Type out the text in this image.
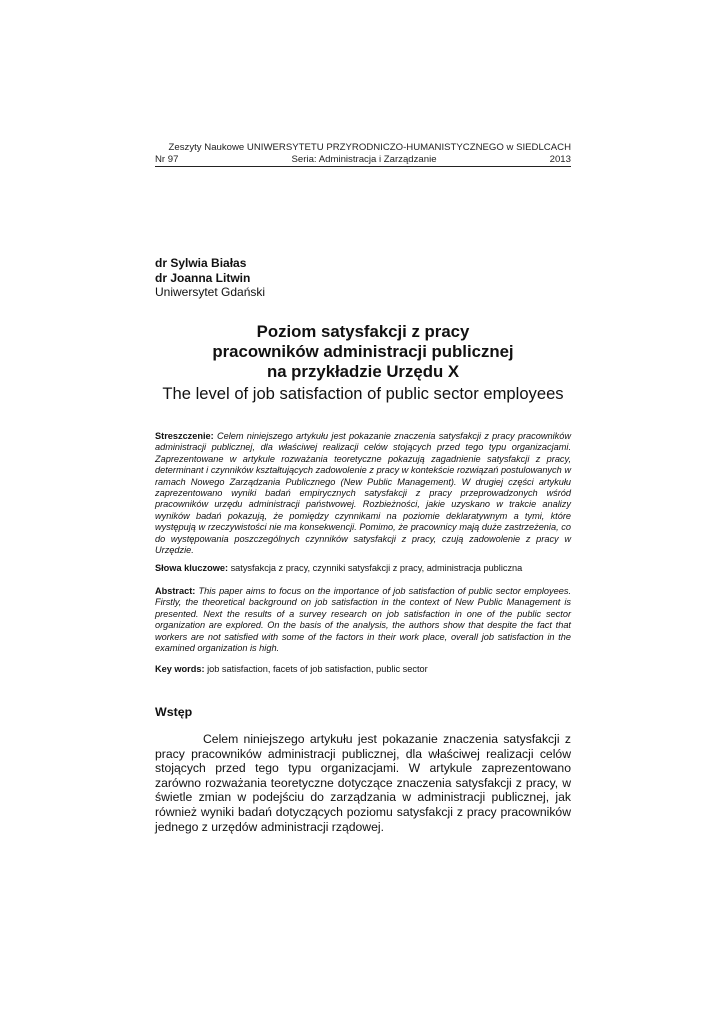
Zeszyty Naukowe UNIWERSYTETU PRZYRODNICZO-HUMANISTYCZNEGO w SIEDLCACH
Nr 97	Seria: Administracja i Zarządzanie	2013
dr Sylwia Białas
dr Joanna Litwin
Uniwersytet Gdański
Poziom satysfakcji z pracy
pracowników administracji publicznej
na przykładzie Urzędu X
The level of job satisfaction of public sector employees
Streszczenie: Celem niniejszego artykułu jest pokazanie znaczenia satysfakcji z pracy pracowników administracji publicznej, dla właściwej realizacji celów stojących przed tego typu organizacjami. Zaprezentowane w artykule rozważania teoretyczne pokazują zagadnienie satysfakcji z pracy, determinant i czynników kształtujących zadowolenie z pracy w kontekście rozwiązań postulowanych w ramach Nowego Zarządzania Publicznego (New Public Management). W drugiej części artykułu zaprezentowano wyniki badań empirycznych satysfakcji z pracy przeprowadzonych wśród pracowników urzędu administracji państwowej. Rozbieżności, jakie uzyskano w trakcie analizy wyników badań pokazują, że pomiędzy czynnikami na poziomie deklaratywnym a tymi, które występują w rzeczywistości nie ma konsekwencji. Pomimo, że pracownicy mają duże zastrzeżenia, co do występowania poszczególnych czynników satysfakcji z pracy, czują zadowolenie z pracy w Urzędzie.
Słowa kluczowe: satysfakcja z pracy, czynniki satysfakcji z pracy, administracja publiczna
Abstract: This paper aims to focus on the importance of job satisfaction of public sector employees. Firstly, the theoretical background on job satisfaction in the context of New Public Management is presented. Next the results of a survey research on job satisfaction in one of the public sector organization are explored. On the basis of the analysis, the authors show that despite the fact that workers are not satisfied with some of the factors in their work place, overall job satisfaction in the examined organization is high.
Key words: job satisfaction, facets of job satisfaction, public sector
Wstęp
Celem niniejszego artykułu jest pokazanie znaczenia satysfakcji z pracy pracowników administracji publicznej, dla właściwej realizacji celów stojących przed tego typu organizacjami. W artykule zaprezentowano zarówno rozważania teoretyczne dotyczące znaczenia satysfakcji z pracy, w świetle zmian w podejściu do zarządzania w administracji publicznej, jak również wyniki badań dotyczących poziomu satysfakcji z pracy pracowników jednego z urzędów administracji rządowej.
